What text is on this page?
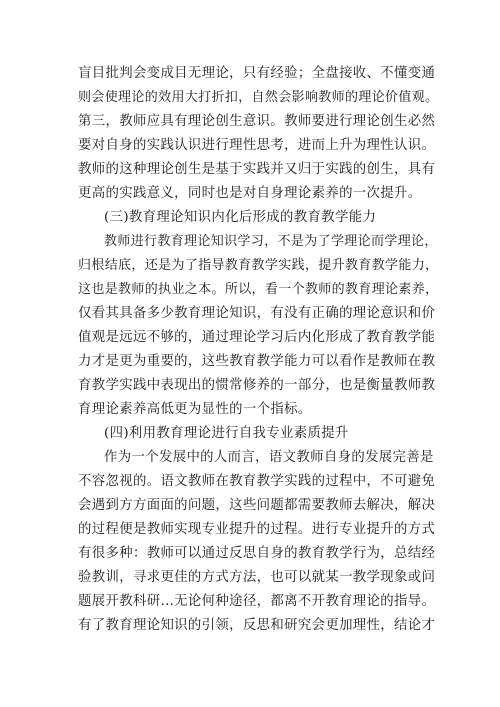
盲目批判会变成目无理论，只有经验；全盘接收、不懂变通
则会使理论的效用大打折扣，自然会影响教师的理论价值观。
第三，教师应具有理论创生意识。教师要进行理论创生必然
要对自身的实践认识进行理性思考，进而上升为理性认识。
教师的这种理论创生是基于实践并又归于实践的创生，具有
更高的实践意义，同时也是对自身理论素养的一次提升。
(三)教育理论知识内化后形成的教育教学能力
教师进行教育理论知识学习，不是为了学理论而学理论，
归根结底，还是为了指导教育教学实践，提升教育教学能力，
这也是教师的执业之本。所以，看一个教师的教育理论素养，
仅看其具备多少教育理论知识，有没有正确的理论意识和价
值观是远远不够的，通过理论学习后内化形成了教育教学能
力才是更为重要的，这些教育教学能力可以看作是教师在教
育教学实践中表现出的惯常修养的一部分，也是衡量教师教
育理论素养高低更为显性的一个指标。
(四)利用教育理论进行自我专业素质提升
作为一个发展中的人而言，语文教师自身的发展完善是
不容忽视的。语文教师在教育教学实践的过程中，不可避免
会遇到方方面面的问题，这些问题都需要教师去解决，解决
的过程便是教师实现专业提升的过程。进行专业提升的方式
有很多种：教师可以通过反思自身的教育教学行为，总结经
验教训，寻求更佳的方式方法，也可以就某一教学现象或问
题展开教科研…无论何种途径，都离不开教育理论的指导。
有了教育理论知识的引领，反思和研究会更加理性，结论才
